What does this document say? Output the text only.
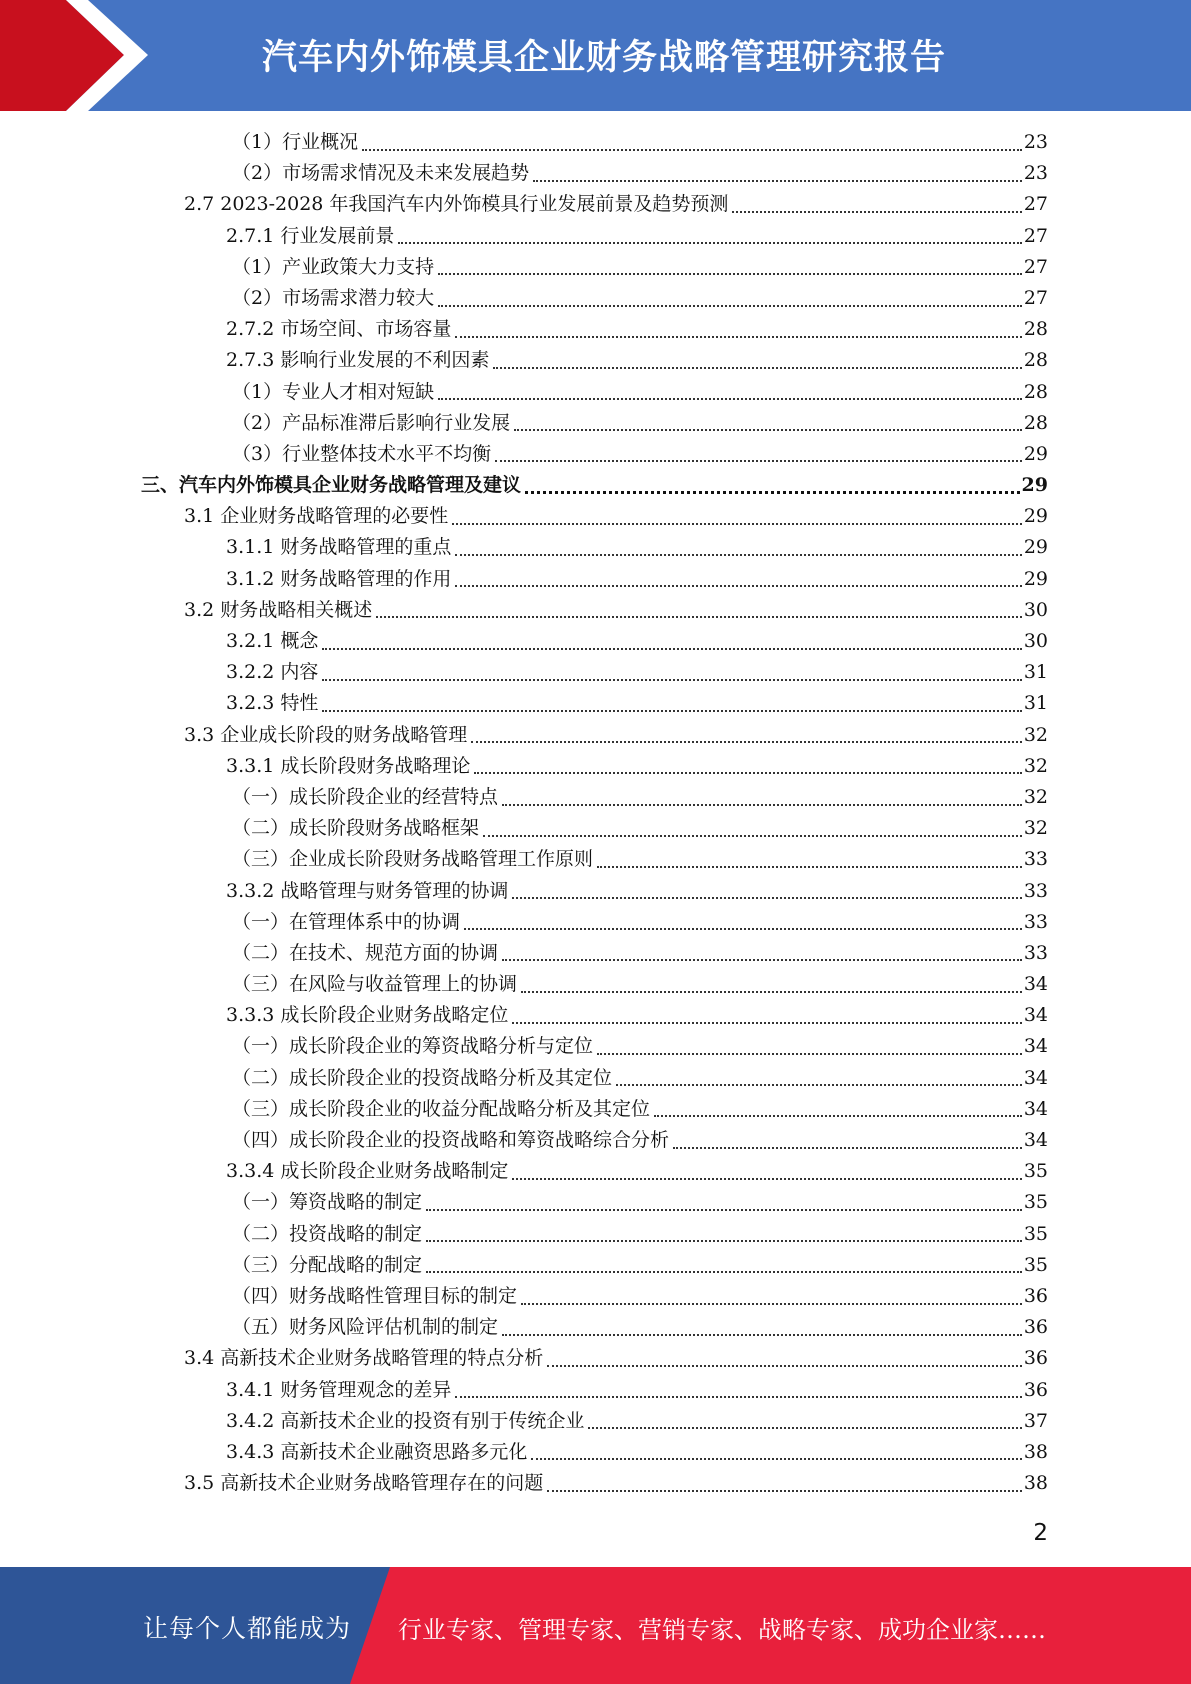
汽车内外饰模具企业财务战略管理研究报告
（1）行业概况	23
（2）市场需求情况及未来发展趋势	23
2.7 2023-2028 年我国汽车内外饰模具行业发展前景及趋势预测	27
2.7.1 行业发展前景	27
（1）产业政策大力支持	27
（2）市场需求潜力较大	27
2.7.2 市场空间、市场容量	28
2.7.3 影响行业发展的不利因素	28
（1）专业人才相对短缺	28
（2）产品标准滞后影响行业发展	28
（3）行业整体技术水平不均衡	29
三、汽车内外饰模具企业财务战略管理及建议	29
3.1 企业财务战略管理的必要性	29
3.1.1 财务战略管理的重点	29
3.1.2 财务战略管理的作用	29
3.2 财务战略相关概述	30
3.2.1 概念	30
3.2.2 内容	31
3.2.3 特性	31
3.3 企业成长阶段的财务战略管理	32
3.3.1 成长阶段财务战略理论	32
（一）成长阶段企业的经营特点	32
（二）成长阶段财务战略框架	32
（三）企业成长阶段财务战略管理工作原则	33
3.3.2 战略管理与财务管理的协调	33
（一）在管理体系中的协调	33
（二）在技术、规范方面的协调	33
（三）在风险与收益管理上的协调	34
3.3.3 成长阶段企业财务战略定位	34
（一）成长阶段企业的筹资战略分析与定位	34
（二）成长阶段企业的投资战略分析及其定位	34
（三）成长阶段企业的收益分配战略分析及其定位	34
（四）成长阶段企业的投资战略和筹资战略综合分析	34
3.3.4 成长阶段企业财务战略制定	35
（一）筹资战略的制定	35
（二）投资战略的制定	35
（三）分配战略的制定	35
（四）财务战略性管理目标的制定	36
（五）财务风险评估机制的制定	36
3.4 高新技术企业财务战略管理的特点分析	36
3.4.1 财务管理观念的差异	36
3.4.2 高新技术企业的投资有别于传统企业	37
3.4.3 高新技术企业融资思路多元化	38
3.5 高新技术企业财务战略管理存在的问题	38
2
让每个人都能成为 行业专家、管理专家、营销专家、战略专家、成功企业家……
